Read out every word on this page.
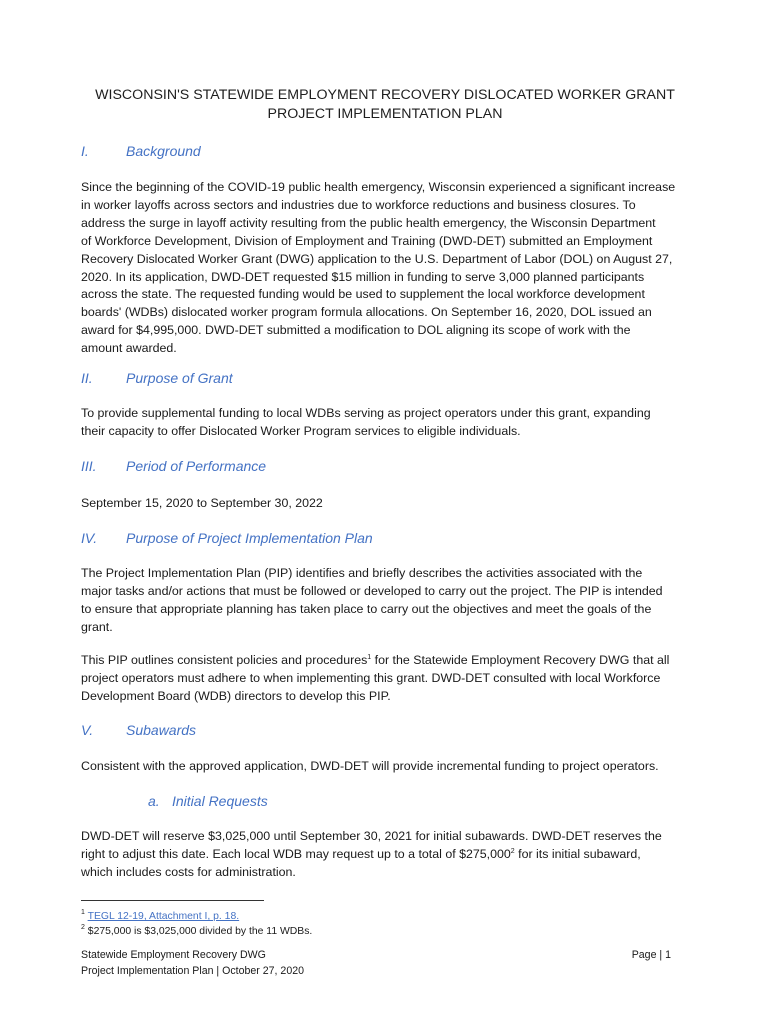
WISCONSIN'S STATEWIDE EMPLOYMENT RECOVERY DISLOCATED WORKER GRANT
PROJECT IMPLEMENTATION PLAN
I.	Background
Since the beginning of the COVID-19 public health emergency, Wisconsin experienced a significant increase
in worker layoffs across sectors and industries due to workforce reductions and business closures. To
address the surge in layoff activity resulting from the public health emergency, the Wisconsin Department
of Workforce Development, Division of Employment and Training (DWD-DET) submitted an Employment
Recovery Dislocated Worker Grant (DWG) application to the U.S. Department of Labor (DOL) on August 27,
2020. In its application, DWD-DET requested $15 million in funding to serve 3,000 planned participants
across the state. The requested funding would be used to supplement the local workforce development
boards' (WDBs) dislocated worker program formula allocations. On September 16, 2020, DOL issued an
award for $4,995,000. DWD-DET submitted a modification to DOL aligning its scope of work with the
amount awarded.
II. Purpose of Grant
To provide supplemental funding to local WDBs serving as project operators under this grant, expanding
their capacity to offer Dislocated Worker Program services to eligible individuals.
III. Period of Performance
September 15, 2020 to September 30, 2022
IV. Purpose of Project Implementation Plan
The Project Implementation Plan (PIP) identifies and briefly describes the activities associated with the
major tasks and/or actions that must be followed or developed to carry out the project. The PIP is intended
to ensure that appropriate planning has taken place to carry out the objectives and meet the goals of the
grant.
This PIP outlines consistent policies and procedures$^1$ for the Statewide Employment Recovery DWG that all
project operators must adhere to when implementing this grant. DWD-DET consulted with local Workforce
Development Board (WDB) directors to develop this PIP.
V. Subawards
Consistent with the approved application, DWD-DET will provide incremental funding to project operators.
a. Initial Requests
DWD-DET will reserve $3,025,000 until September 30, 2021 for initial subawards. DWD-DET reserves the
right to adjust this date. Each local WDB may request up to a total of $275,000$^2$ for its initial subaward,
which includes costs for administration.
$^1$ TEGL 12-19, Attachment I, p. 18.
$^2$ $275,000 is $3,025,000 divided by the 11 WDBs.
Statewide Employment Recovery DWG
Project Implementation Plan | October 27, 2020
Page | 1
